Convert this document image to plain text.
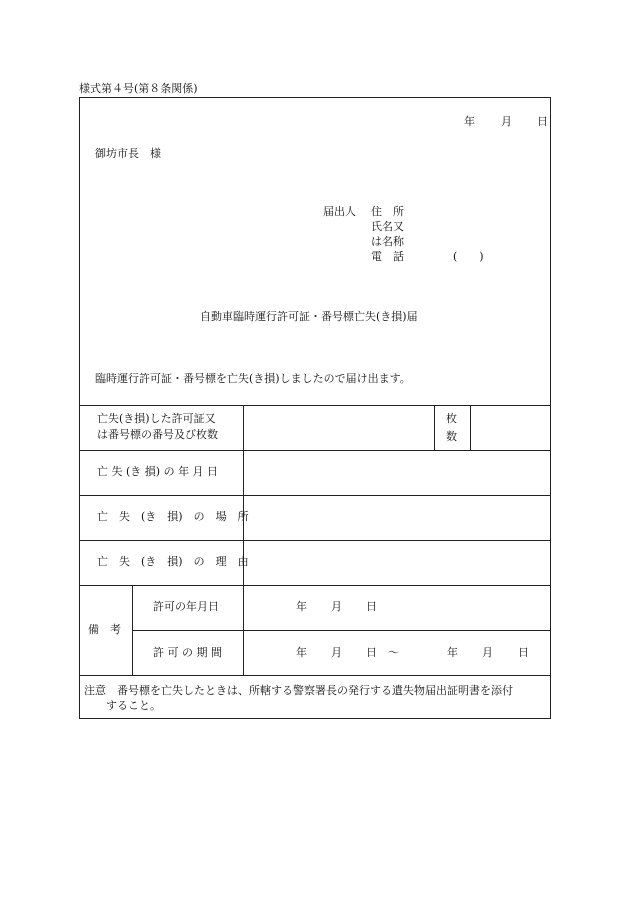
様式第４号(第８条関係)
年 月 日
御坊市長　様
届出人 住　所
氏名又
は名称
電　話	(　　)
自動車臨時運行許可証・番号標亡失(き損)届
臨時運行許可証・番号標を亡失(き損)しましたので届け出ます。
亡失(き損)した許可証又
は番号標の番号及び枚数
枚
数
亡 失 (き 損) の 年 月 日
亡　失　(き　損)　の　場　所
亡　失　(き　損)　の　理　由
備　考
許可の年月日
許 可 の 期 間
年 月 日
年 月 日 ～	年 月 日
注意　番号標を亡失したときは、所轄する警察署長の発行する遺失物届出証明書を添付
すること。
